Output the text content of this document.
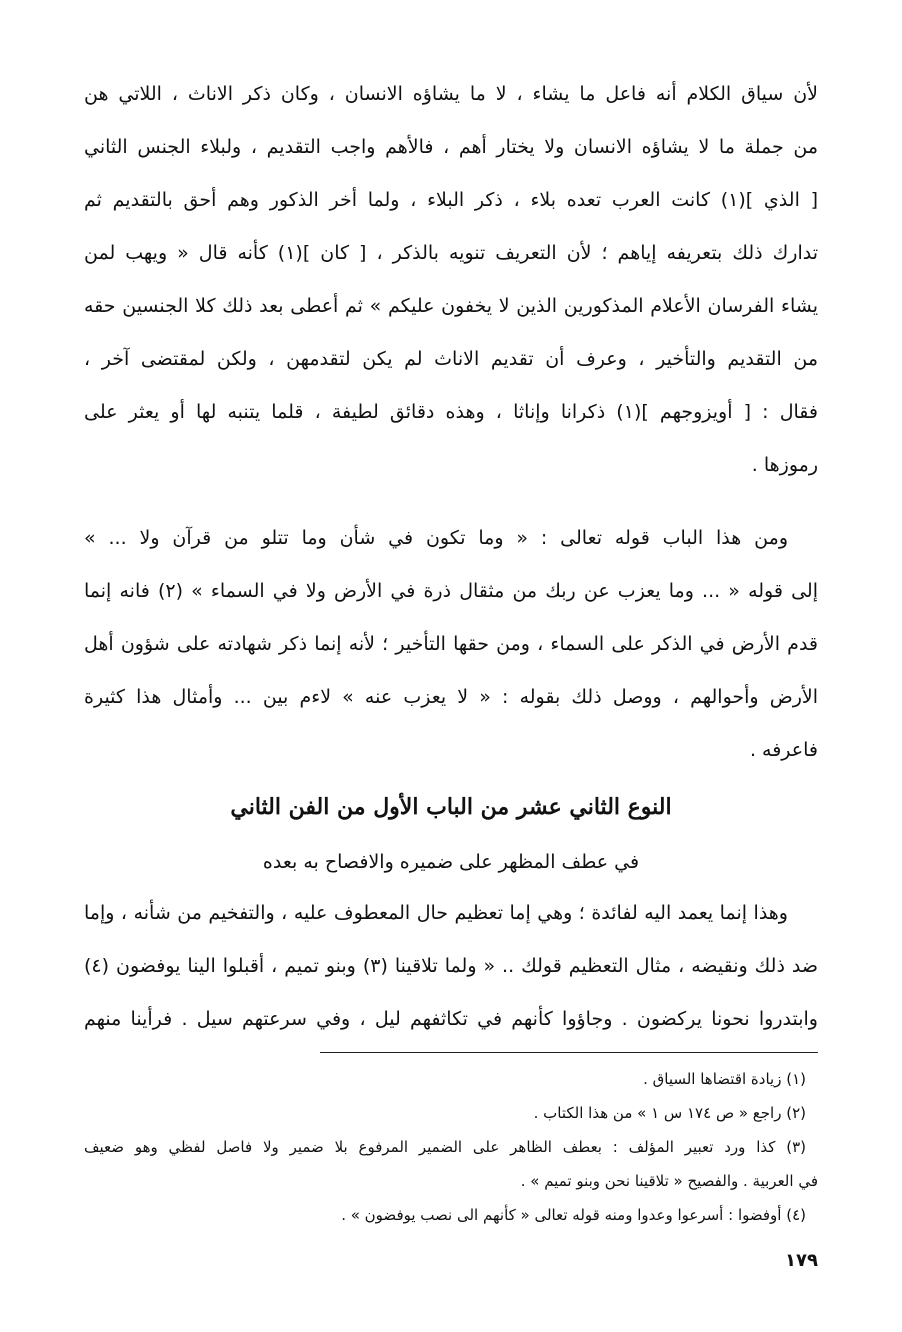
لأن سياق الكلام أنه فاعل ما يشاء ، لا ما يشاؤه الانسان ، وكان ذكر الاناث ، اللاتي هن
من جملة ما لا يشاؤه الانسان ولا يختار أهم ، فالأهم واجب التقديم ، ولبلاء الجنس الثاني
[ الذي ](١) كانت العرب تعده بلاء ، ذكر البلاء ، ولما أخر الذكور وهم أحق بالتقديم ثم
تدارك ذلك بتعريفه إياهم ؛ لأن التعريف تنويه بالذكر ، [ كان ](١) كأنه قال « ويهب لمن
يشاء الفرسان الأعلام المذكورين الذين لا يخفون عليكم » ثم أعطى بعد ذلك كلا الجنسين حقه
من التقديم والتأخير ، وعرف أن تقديم الاناث لم يكن لتقدمهن ، ولكن لمقتضى آخر ،
فقال : [ أويزوجهم ](١) ذكرانا وإناثا ، وهذه دقائق لطيفة ، قلما يتنبه لها أو يعثر على
رموزها .
ومن هذا الباب قوله تعالى : « وما تكون في شأن وما تتلو من قرآن ولا ... »
إلى قوله « ... وما يعزب عن ربك من مثقال ذرة في الأرض ولا في السماء » (٢) فانه إنما
قدم الأرض في الذكر على السماء ، ومن حقها التأخير ؛ لأنه إنما ذكر شهادته على شؤون أهل
الأرض وأحوالهم ، ووصل ذلك بقوله : « لا يعزب عنه » لاءم بين ... وأمثال هذا كثيرة
فاعرفه .
النوع الثاني عشر من الباب الأول من الفن الثاني
في عطف المظهر على ضميره والافصاح به بعده
وهذا إنما يعمد اليه لفائدة ؛ وهي إما تعظيم حال المعطوف عليه ، والتفخيم من شأنه ، وإما
ضد ذلك ونقيضه ، مثال التعظيم قولك .. « ولما تلاقينا (٣) وبنو تميم ، أقبلوا الينا يوفضون (٤)
وابتدروا نحونا يركضون . وجاؤوا كأنهم في تكاثفهم ليل ، وفي سرعتهم سيل . فرأينا منهم
(١) زيادة اقتضاها السياق .
(٢) راجع « ص ١٧٤ س ١ » من هذا الكتاب .
(٣) كذا ورد تعبير المؤلف : بعطف الظاهر على الضمير المرفوع بلا ضمير ولا فاصل لفظي وهو ضعيف
في العربية . والفصيح « تلاقينا نحن وبنو تميم » .
(٤) أوفضوا : أسرعوا وعدوا ومنه قوله تعالى « كأنهم الى نصب يوفضون » .
١٧٩
